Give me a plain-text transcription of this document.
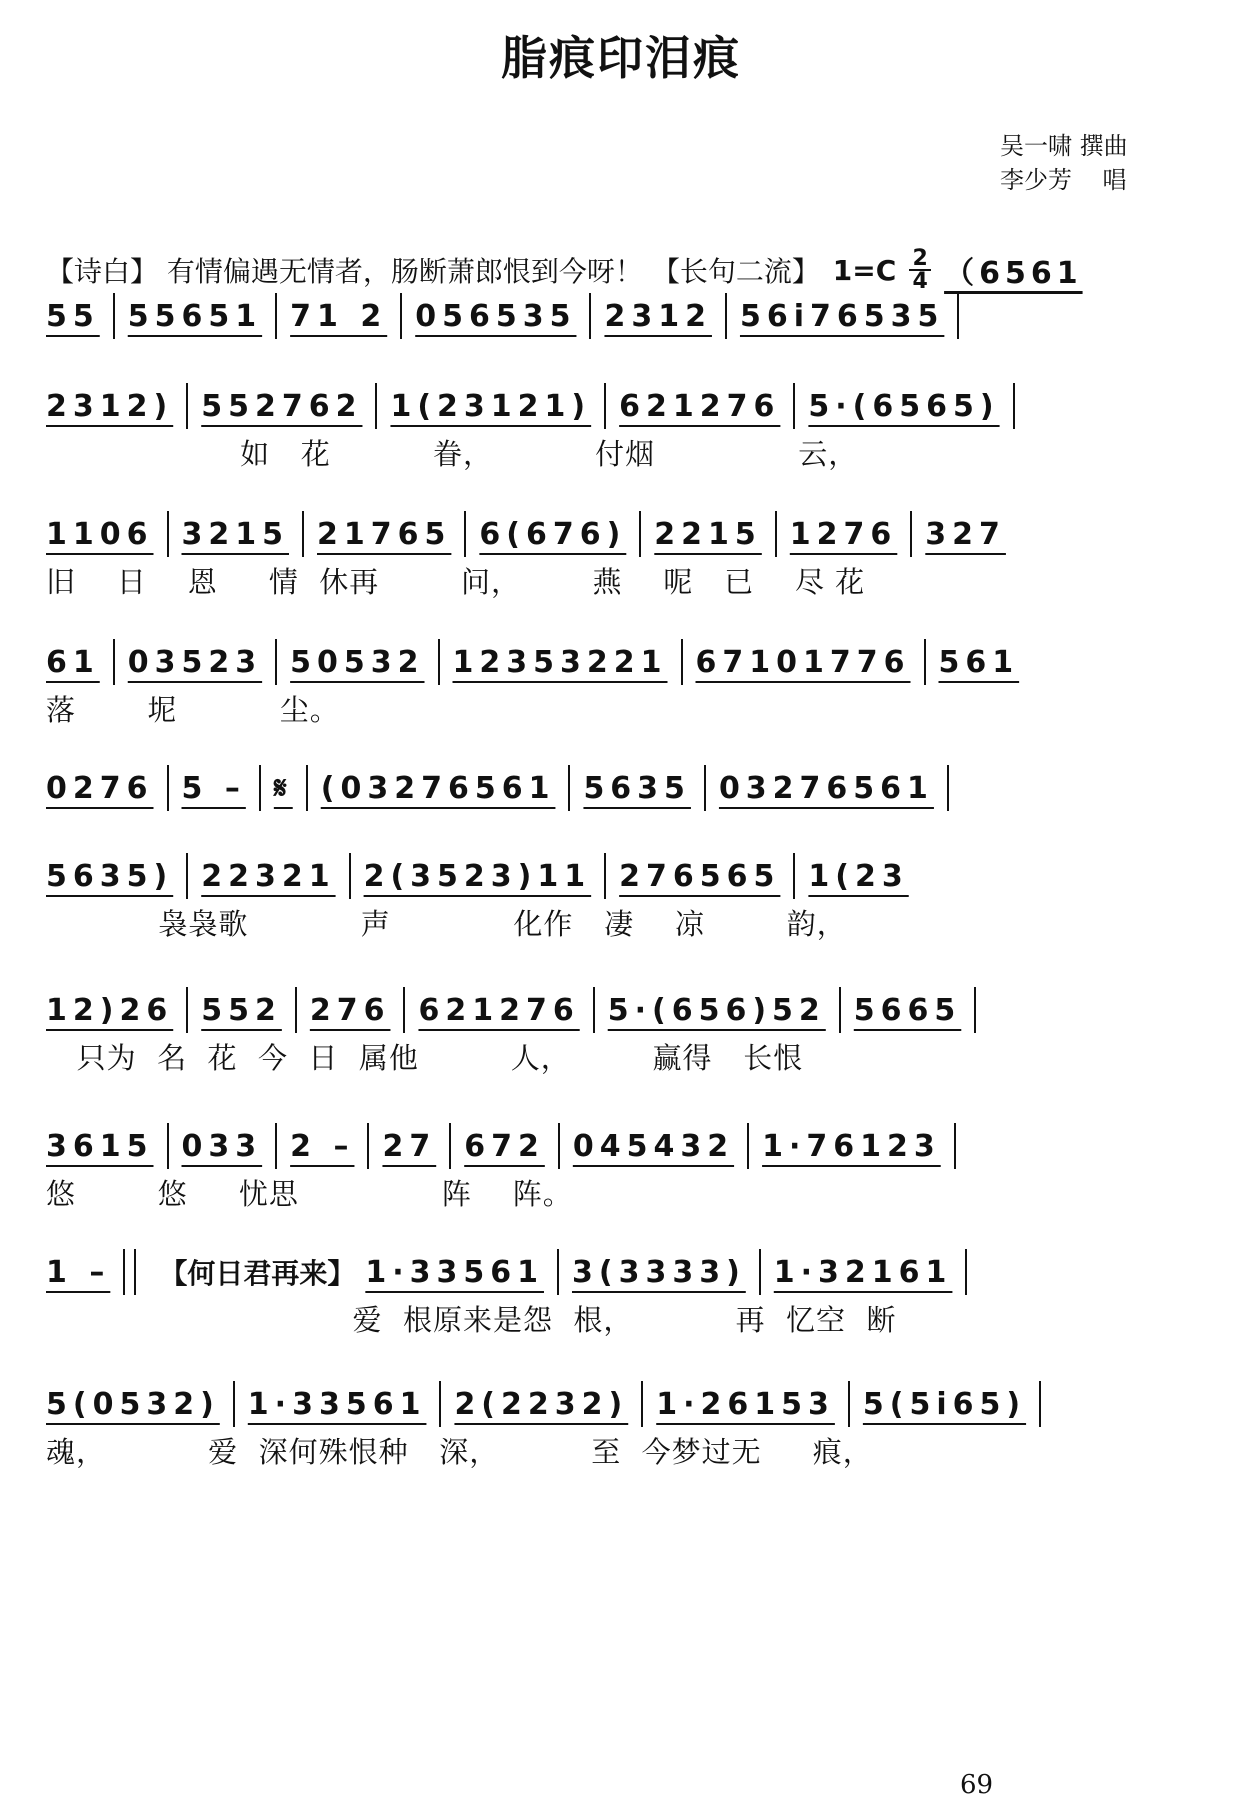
脂痕印泪痕
吴一啸 撰曲
李少芳    唱
【诗白】 有情偏遇无情者，肠断萧郎恨到今呀！ 【长句二流】 $1=C \frac{2}{4} (6561$
55 55651 71 2 056535 2312 56i76535
2312) 552762 1(23121) 621276 5·(6565)
如   花          眷，          付烟              云，
1106 3215 21765 6(676) 2215 1276 327
旧    日    恩     情  休再        问，       燕    呢   已    尽 花
61 03523 50532 12353221 67101776 561
落       坭          尘。
0276 5 – 𝄋 (03276561 5635 03276561
5635) 22321 2(3523)11 276565 1(23
袅袅歌           声            化作   凄    凉        韵，
12)26 552 276 621276 5·(656)52 5665
只为  名  花  今  日  属他         人，        赢得   长恨
3615 033 2 – 27 672 045432 1·76123
悠        悠     忧思              阵    阵。
1 – 【何日君再来】 1·33561 3(3333) 1·32161
爱  根原来是怨  根，          再  忆空  断
5(0532) 1·33561 2(2232) 1·26153 5(5i65)
魂，          爱  深何殊恨种   深，         至  今梦过无     痕，
69
